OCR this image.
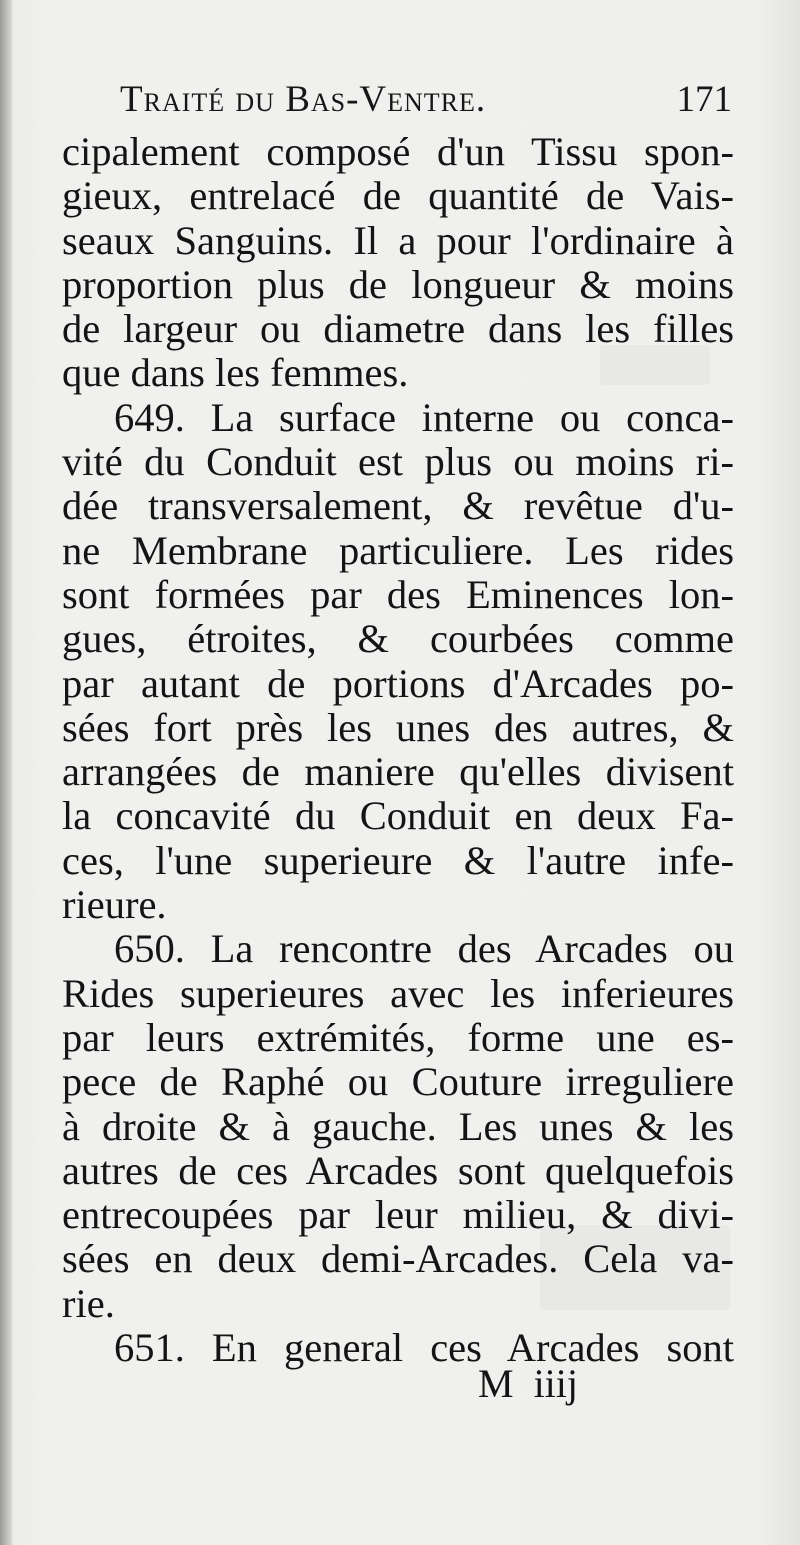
Traité du Bas-Ventre.	171
cipalement composé d'un Tissu spon-
gieux, entrelacé de quantité de Vais-
seaux Sanguins. Il a pour l'ordinaire à
proportion plus de longueur & moins
de largeur ou diametre dans les filles
que dans les femmes.
649. La surface interne ou conca-
vité du Conduit est plus ou moins ri-
dée transversalement, & revêtue d'u-
ne Membrane particuliere. Les rides
sont formées par des Eminences lon-
gues, étroites, & courbées comme
par autant de portions d'Arcades po-
sées fort près les unes des autres, &
arrangées de maniere qu'elles divisent
la concavité du Conduit en deux Fa-
ces, l'une superieure & l'autre infe-
rieure.
650. La rencontre des Arcades ou
Rides superieures avec les inferieures
par leurs extrémités, forme une es-
pece de Raphé ou Couture irreguliere
à droite & à gauche. Les unes & les
autres de ces Arcades sont quelquefois
entrecoupées par leur milieu, & divi-
sées en deux demi-Arcades. Cela va-
rie.
651. En general ces Arcades sont
M iiij
